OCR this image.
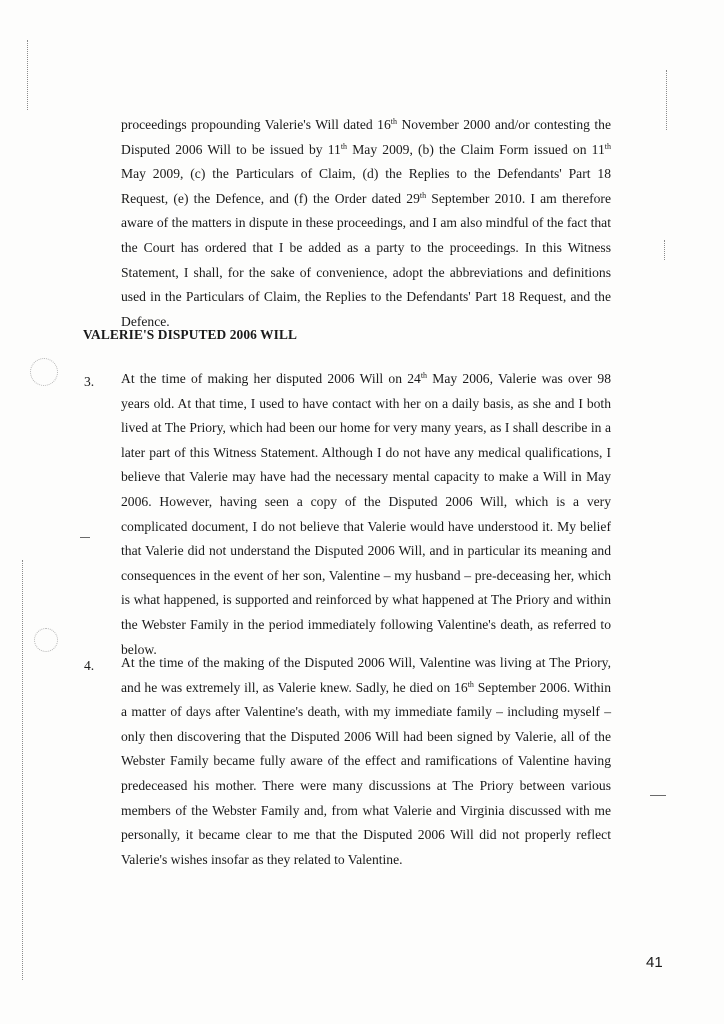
proceedings propounding Valerie's Will dated 16th November 2000 and/or contesting the Disputed 2006 Will to be issued by 11th May 2009, (b) the Claim Form issued on 11th May 2009, (c) the Particulars of Claim, (d) the Replies to the Defendants' Part 18 Request, (e) the Defence, and (f) the Order dated 29th September 2010. I am therefore aware of the matters in dispute in these proceedings, and I am also mindful of the fact that the Court has ordered that I be added as a party to the proceedings. In this Witness Statement, I shall, for the sake of convenience, adopt the abbreviations and definitions used in the Particulars of Claim, the Replies to the Defendants' Part 18 Request, and the Defence.

VALERIE'S DISPUTED 2006 WILL
3. At the time of making her disputed 2006 Will on 24th May 2006, Valerie was over 98 years old. At that time, I used to have contact with her on a daily basis, as she and I both lived at The Priory, which had been our home for very many years, as I shall describe in a later part of this Witness Statement. Although I do not have any medical qualifications, I believe that Valerie may have had the necessary mental capacity to make a Will in May 2006. However, having seen a copy of the Disputed 2006 Will, which is a very complicated document, I do not believe that Valerie would have understood it. My belief that Valerie did not understand the Disputed 2006 Will, and in particular its meaning and consequences in the event of her son, Valentine – my husband – pre-deceasing her, which is what happened, is supported and reinforced by what happened at The Priory and within the Webster Family in the period immediately following Valentine's death, as referred to below.

4. At the time of the making of the Disputed 2006 Will, Valentine was living at The Priory, and he was extremely ill, as Valerie knew. Sadly, he died on 16th September 2006. Within a matter of days after Valentine's death, with my immediate family – including myself – only then discovering that the Disputed 2006 Will had been signed by Valerie, all of the Webster Family became fully aware of the effect and ramifications of Valentine having predeceased his mother. There were many discussions at The Priory between various members of the Webster Family and, from what Valerie and Virginia discussed with me personally, it became clear to me that the Disputed 2006 Will did not properly reflect Valerie's wishes insofar as they related to Valentine.

41
